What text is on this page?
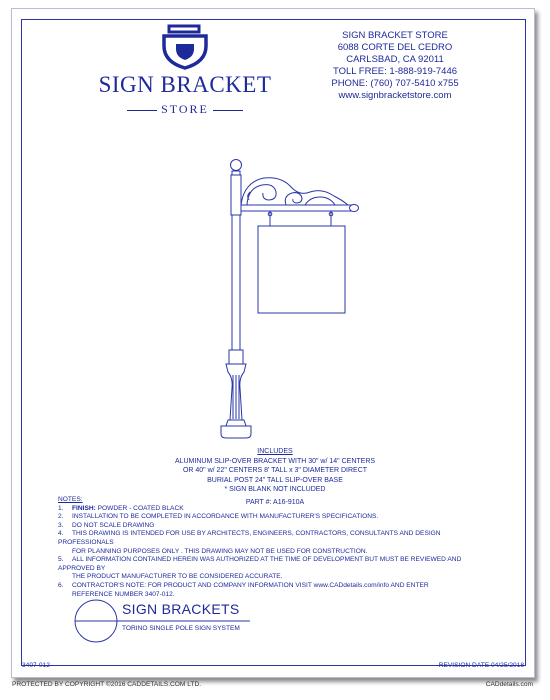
SIGN BRACKET
STORE
SIGN BRACKET STORE
6088 CORTE DEL CEDRO
CARLSBAD, CA 92011
TOLL FREE: 1-888-919-7446
PHONE: (760) 707-5410 x755
www.signbracketstore.com
INCLUDES
ALUMINUM SLIP-OVER BRACKET WITH 30" w/ 14" CENTERS
OR 40" w/ 22" CENTERS 8' TALL x 3" DIAMETER DIRECT
BURIAL POST 24" TALL SLIP-OVER BASE
* SIGN BLANK NOT INCLUDED
PART #: A16-910A
NOTES:
1. FINISH: POWDER - COATED BLACK
2. INSTALLATION TO BE COMPLETED IN ACCORDANCE WITH MANUFACTURER'S SPECIFICATIONS.
3. DO NOT SCALE DRAWING
4. THIS DRAWING IS INTENDED FOR USE BY ARCHITECTS, ENGINEERS, CONTRACTORS, CONSULTANTS AND DESIGN PROFESSIONALS
FOR PLANNING PURPOSES ONLY . THIS DRAWING MAY NOT BE USED FOR CONSTRUCTION.
5. ALL INFORMATION CONTAINED HEREIN WAS AUTHORIZED AT THE TIME OF DEVELOPMENT BUT MUST BE REVIEWED AND APPROVED BY
THE PRODUCT MANUFACTURER TO BE CONSIDERED ACCURATE.
6. CONTRACTOR'S NOTE: FOR PRODUCT AND COMPANY INFORMATION VISIT www.CADdetails.com/info AND ENTER
REFERENCE NUMBER 3407-012.
SIGN BRACKETS
TORINO SINGLE POLE SIGN SYSTEM
3407-012	REVISION DATE 04/25/2018
PROTECTED BY COPYRIGHT ©2016 CADDETAILS.COM LTD.	CADdetails.com
